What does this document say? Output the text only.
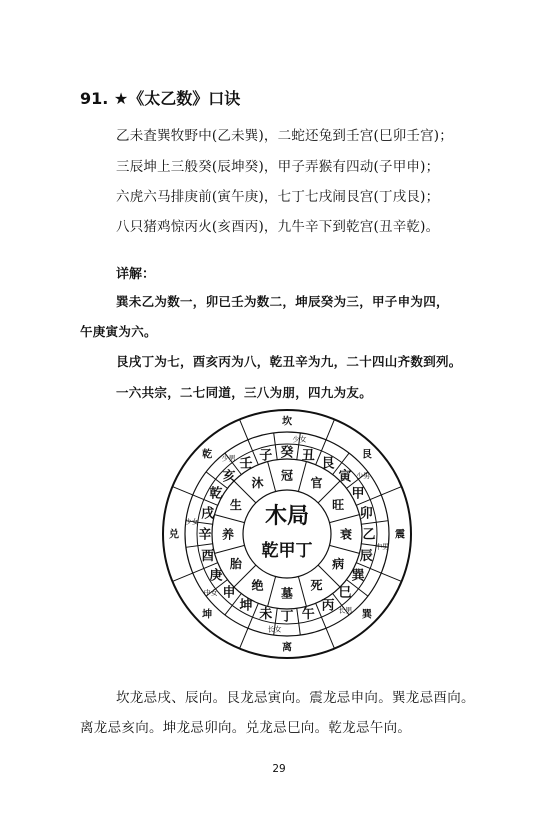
91. ★《太乙数》口诀
乙未査巽牧野中(乙未巽)，二蛇还兔到壬宫(巳卯壬宫)；
三辰坤上三般癸(辰坤癸)，甲子弄猴有四动(子甲申)；
六虎六马排庚前(寅午庚)，七丁七戌闹艮宫(丁戌艮)；
八只猪鸡惊丙火(亥酉丙)，九牛辛下到乾宫(丑辛乾)。
详解：
巽未乙为数一，卯已壬为数二，坤辰癸为三，甲子申为四，
午庚寅为六。
艮戌丁为七，酉亥丙为八，乾丑辛为九，二十四山齐数到列。
一六共宗，二七同道，三八为朋，四九为友。
艮
震
巽
离
坤
兑
乾
坎
癸 丑
艮
寅
甲
卯
乙
辰
巽
巳
丙
午
丁
未
坤
申
庚
酉
辛
戌
乾
亥
壬
子
少女
少男
中男
长男
长女
中女
少女
少男
冠
官
旺
衰
病
死
墓
绝
胎
养
生
沐
木局
乾甲丁
坎龙忌戌、辰向。艮龙忌寅向。震龙忌申向。巽龙忌酉向。
离龙忌亥向。坤龙忌卯向。兑龙忌巳向。乾龙忌午向。
29
